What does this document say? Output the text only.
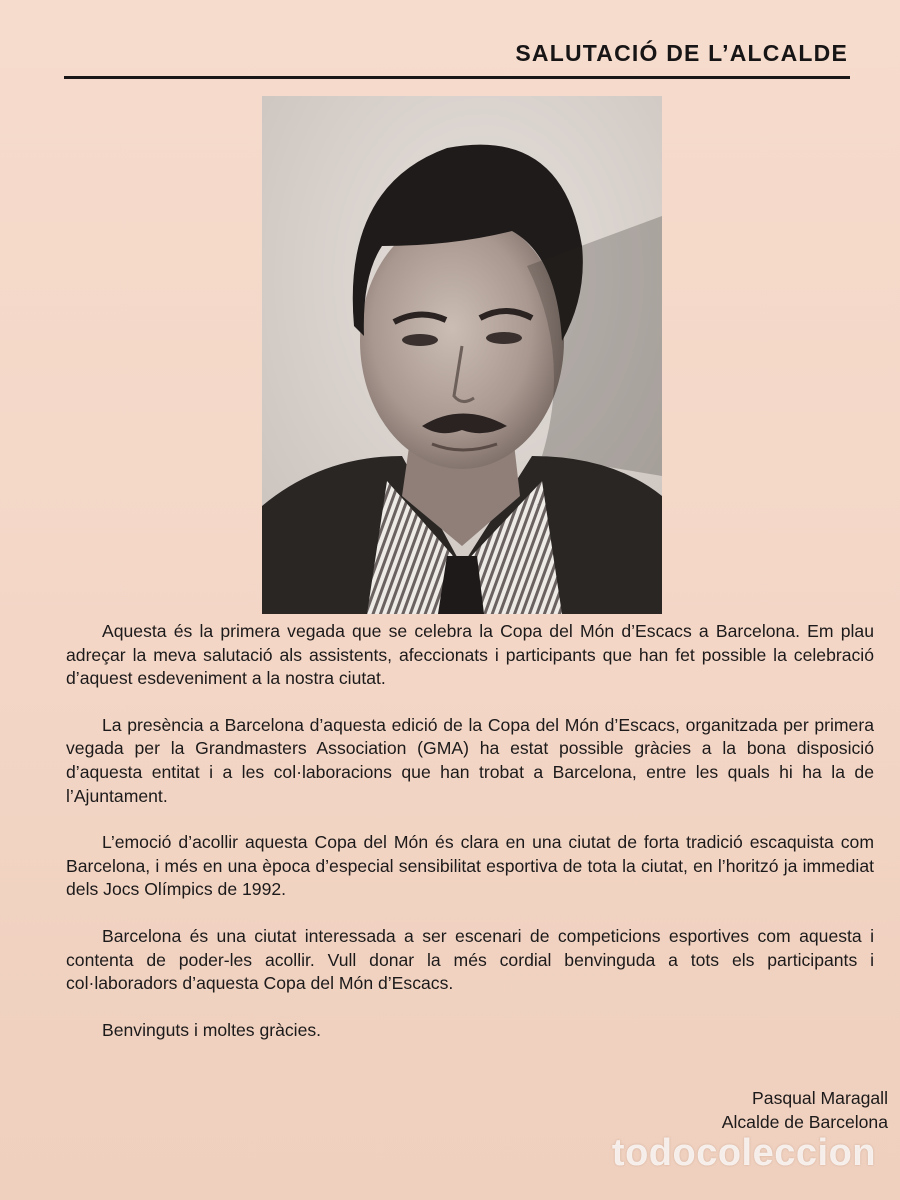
SALUTACIÓ DE L’ALCALDE

Aquesta és la primera vegada que se celebra la Copa del Món d’Escacs a Barcelona. Em plau adreçar la meva salutació als assistents, afeccionats i participants que han fet possible la celebració d’aquest esdeveniment a la nostra ciutat.

La presència a Barcelona d’aquesta edició de la Copa del Món d’Escacs, organitzada per primera vegada per la Grandmasters Association (GMA) ha estat possible gràcies a la bona disposició d’aquesta entitat i a les col·laboracions que han trobat a Barcelona, entre les quals hi ha la de l’Ajuntament.

L’emoció d’acollir aquesta Copa del Món és clara en una ciutat de forta tradició escaquista com Barcelona, i més en una època d’especial sensibilitat esportiva de tota la ciutat, en l’horitzó ja immediat dels Jocs Olímpics de 1992.

Barcelona és una ciutat interessada a ser escenari de competicions esportives com aquesta i contenta de poder-les acollir. Vull donar la més cordial benvinguda a tots els participants i col·laboradors d’aquesta Copa del Món d’Escacs.

Benvinguts i moltes gràcies.

Pasqual Maragall
Alcalde de Barcelona
todocoleccion
